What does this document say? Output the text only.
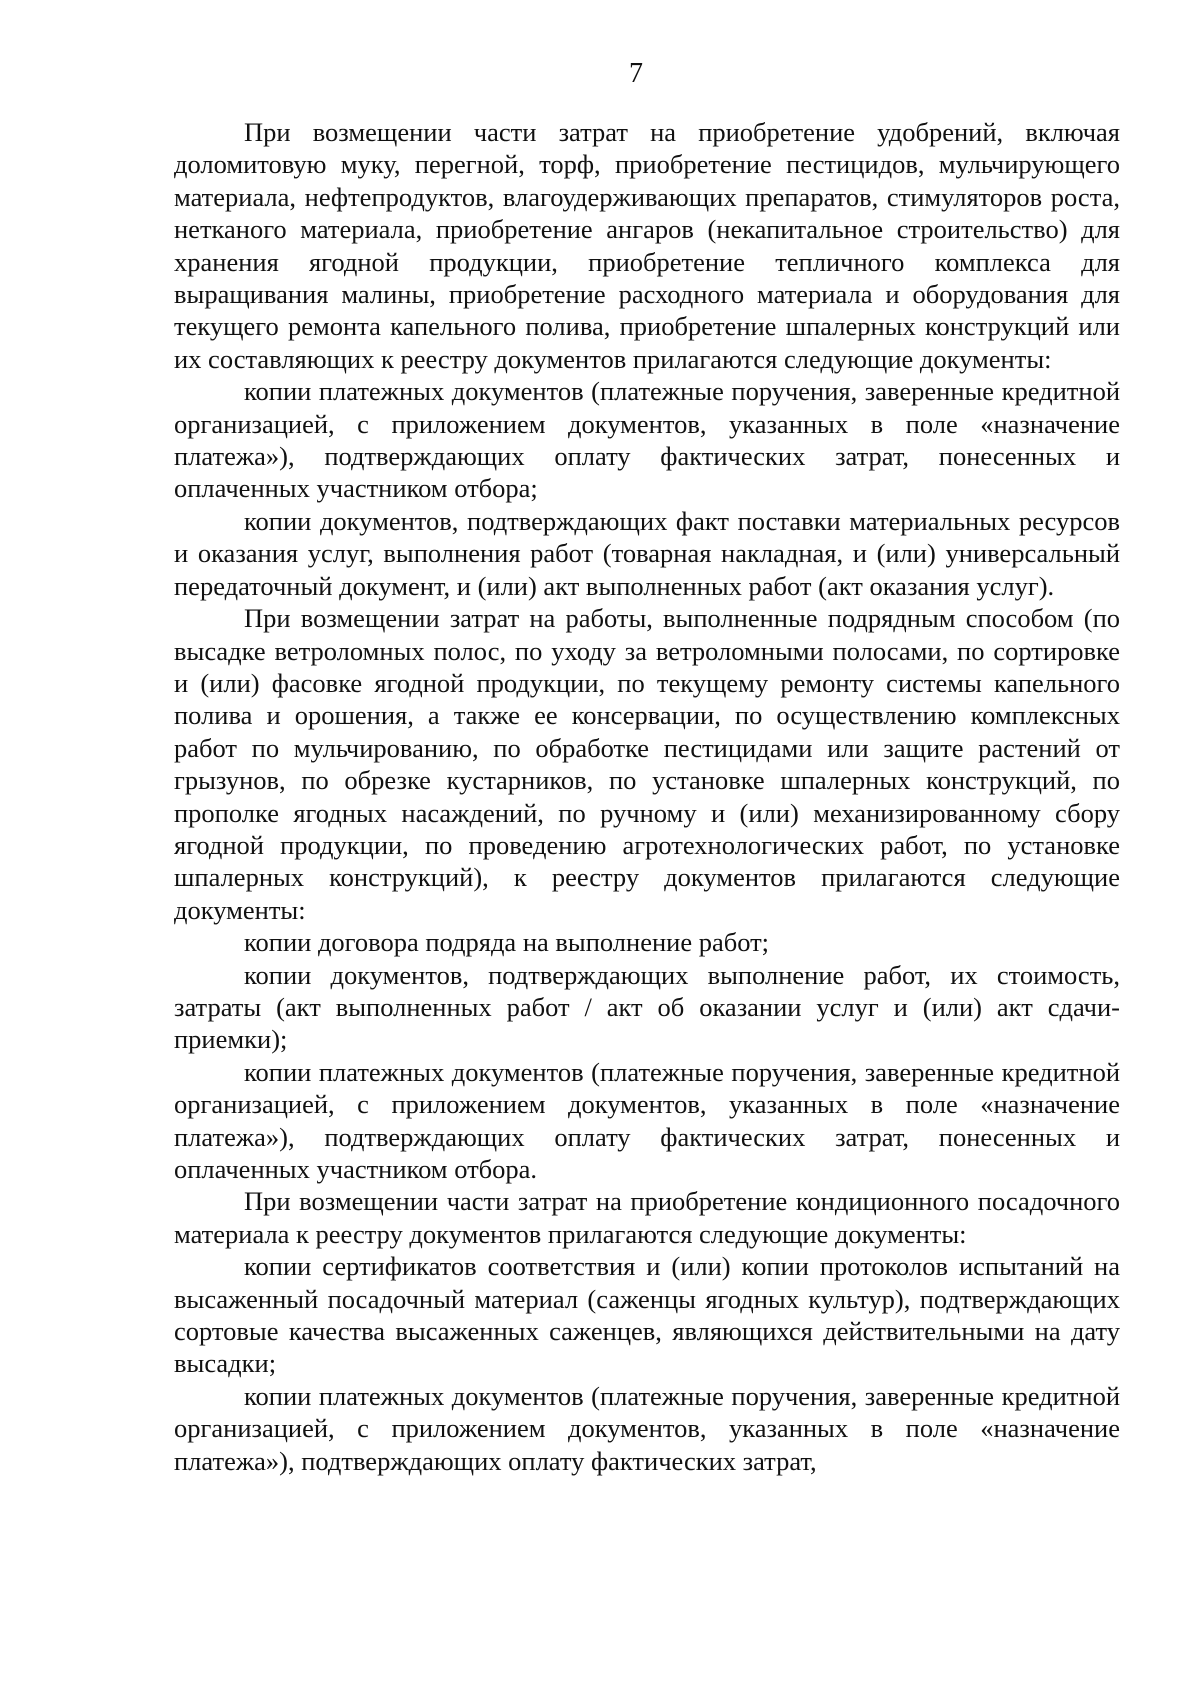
7

При возмещении части затрат на приобретение удобрений, включая доломитовую муку, перегной, торф, приобретение пестицидов, мульчирующего материала, нефтепродуктов, влагоудерживающих препаратов, стимуляторов роста, нетканого материала, приобретение ангаров (некапитальное строительство) для хранения ягодной продукции, приобретение тепличного комплекса для выращивания малины, приобретение расходного материала и оборудования для текущего ремонта капельного полива, приобретение шпалерных конструкций или их составляющих к реестру документов прилагаются следующие документы:

копии платежных документов (платежные поручения, заверенные кредитной организацией, с приложением документов, указанных в поле «назначение платежа»), подтверждающих оплату фактических затрат, понесенных и оплаченных участником отбора;

копии документов, подтверждающих факт поставки материальных ресурсов и оказания услуг, выполнения работ (товарная накладная, и (или) универсальный передаточный документ, и (или) акт выполненных работ (акт оказания услуг).

При возмещении затрат на работы, выполненные подрядным способом (по высадке ветроломных полос, по уходу за ветроломными полосами, по сортировке и (или) фасовке ягодной продукции, по текущему ремонту системы капельного полива и орошения, а также ее консервации, по осуществлению комплексных работ по мульчированию, по обработке пестицидами или защите растений от грызунов, по обрезке кустарников, по установке шпалерных конструкций, по прополке ягодных насаждений, по ручному и (или) механизированному сбору ягодной продукции, по проведению агротехнологических работ, по установке шпалерных конструкций), к реестру документов прилагаются следующие документы:

копии договора подряда на выполнение работ;

копии документов, подтверждающих выполнение работ, их стоимость, затраты (акт выполненных работ / акт об оказании услуг и (или) акт сдачи-приемки);

копии платежных документов (платежные поручения, заверенные кредитной организацией, с приложением документов, указанных в поле «назначение платежа»), подтверждающих оплату фактических затрат, понесенных и оплаченных участником отбора.

При возмещении части затрат на приобретение кондиционного посадочного материала к реестру документов прилагаются следующие документы:

копии сертификатов соответствия и (или) копии протоколов испытаний на высаженный посадочный материал (саженцы ягодных культур), подтверждающих сортовые качества высаженных саженцев, являющихся действительными на дату высадки;

копии платежных документов (платежные поручения, заверенные кредитной организацией, с приложением документов, указанных в поле «назначение платежа»), подтверждающих оплату фактических затрат,
